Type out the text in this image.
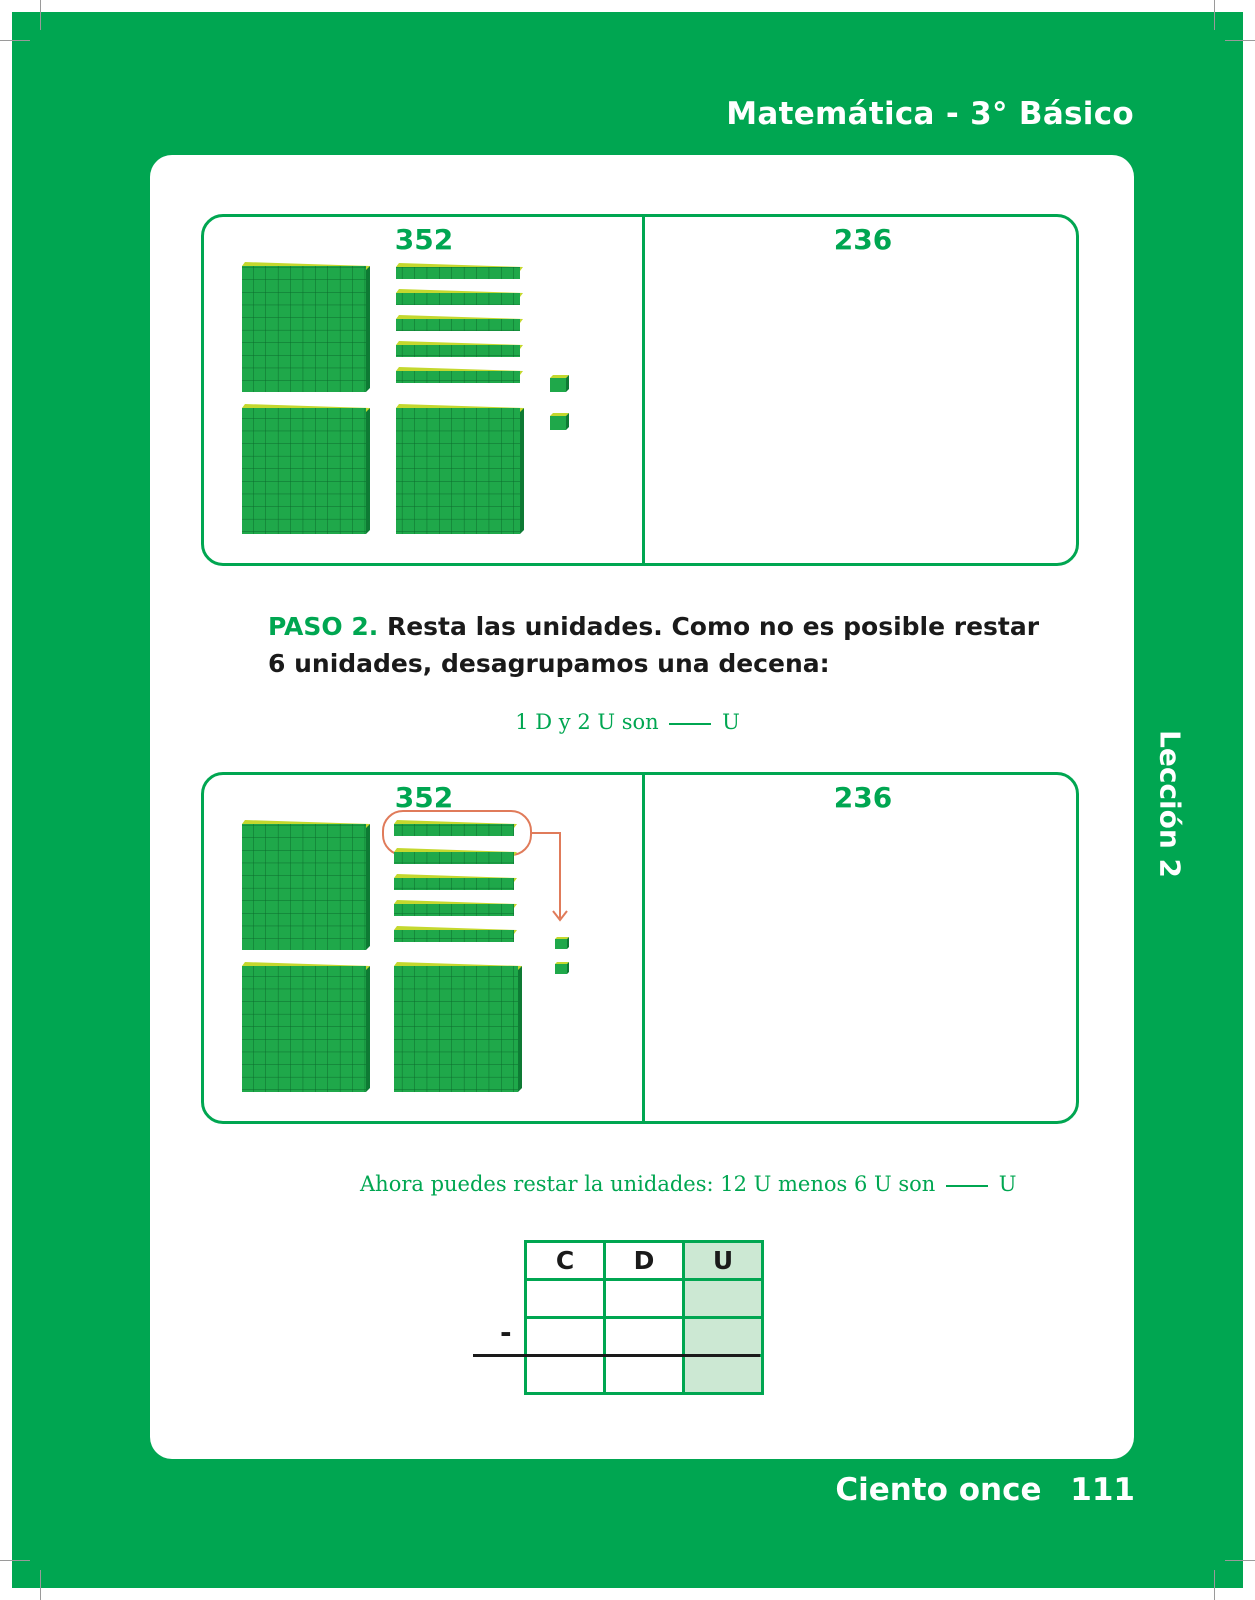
Matemática - 3° Básico
352	236
PASO 2. Resta las unidades. Como no es posible restar 6 unidades, desagrupamos una decena:
1 D y 2 U son	U
352	236
Ahora puedes restar la unidades: 12 U menos 6 U son	U
C	D	U

-
Lección 2
Ciento once 111
